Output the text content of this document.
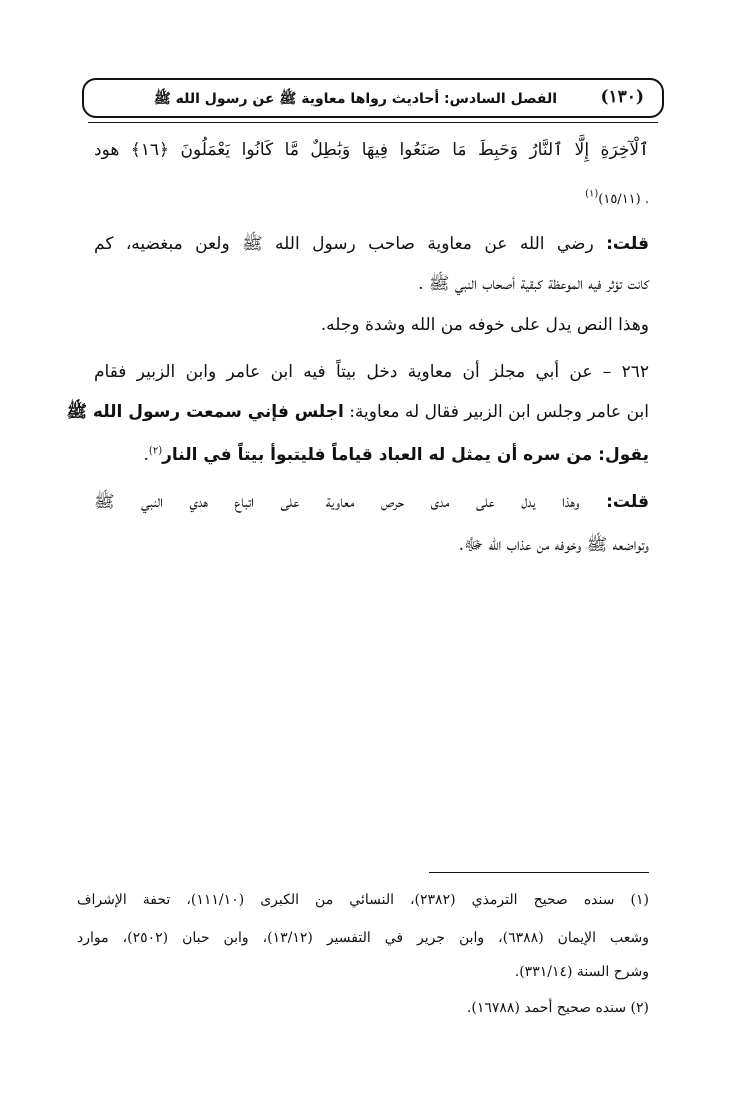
(١٣٠)
الفصل السادس: أحاديث رواها معاوية ﷺ عن رسول الله ﷺ
ٱلْآخِرَةِ إِلَّا ٱلنَّارُ وَحَبِطَ مَا صَنَعُوا فِيهَا وَبَٰطِلٌ مَّا كَانُوا يَعْمَلُونَ ﴿١٦﴾ هود
. (١٥/١١)$^{(١)}$
قلت: رضي الله عن معاوية صاحب رسول الله ﷺ ولعن مبغضيه، كم
كانت تؤثر فيه الموعظة كبقية أصحاب النبي ﷺ .
وهذا النص يدل على خوفه من الله وشدة وجله.
٢٦٢ – عن أبي مجلز أن معاوية دخل بيتاً فيه ابن عامر وابن الزبير فقام
ابن عامر وجلس ابن الزبير فقال له معاوية: اجلس فإني سمعت رسول الله ﷺ
يقول: من سره أن يمثل له العباد قياماً فليتبوأ بيتاً في النار$^{(٢)}$.
قلت: وهذا يدل على مدى حرص معاوية على اتباع هدي النبي ﷺ
وتواضعه ﷺ وخوفه من عذاب الله ﷻ.
(١) سنده صحيح الترمذي (٢٣٨٢)، النسائي من الكبرى (١١١/١٠)، تحفة الإشراف
وشعب الإيمان (٦٣٨٨)، وابن جرير في التفسير (١٣/١٢)، وابن حبان (٢٥٠٢)، موارد
وشرح السنة (٣٣١/١٤).
(٢) سنده صحيح أحمد (١٦٧٨٨).
